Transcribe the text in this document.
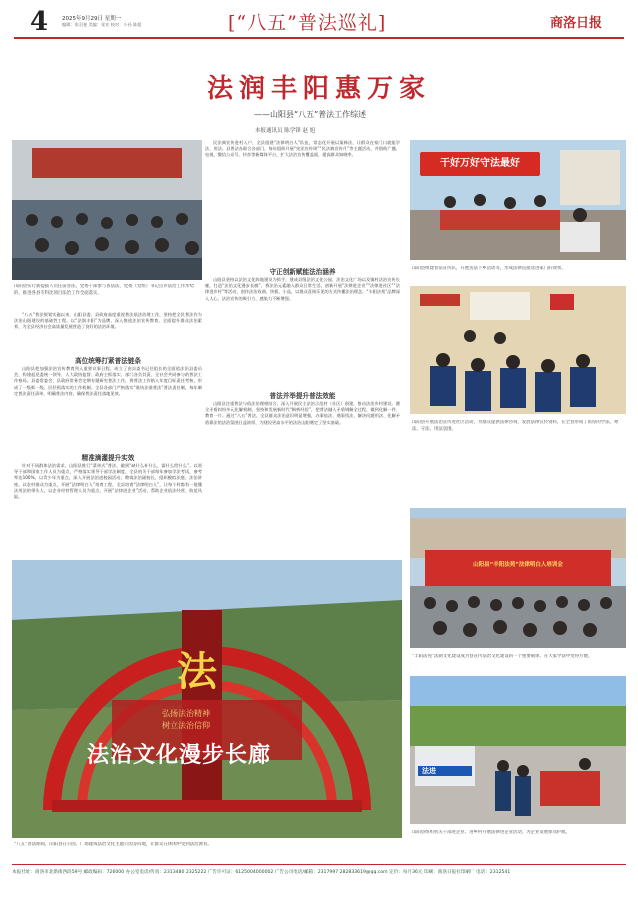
4	2025年9月29日 星期一
编辑：张羽斐 美编：张宏 校对：小孙 陈超	[“八五”普法巡礼]	商洛日报
法润丰阳惠万家
——山阳县“八五”普法工作综述
本报通讯员 陈学锋 赵 旭
山阳县实行新提拔人员任前普法，党委干部参与普法法，党委（党组）书记点评法治工作形势的，推进各县专科比项目法治工作全面落实。
“八五”普法规划实施以来，山阳县委、县政府高度重视普法依法治理工作，坚持把全民普法作为法治山阳建设的基础性工程，以“法润丰阳”为品牌，深入推进法治宣传教育，全面提升群众法治素养，为全县经济社会高质量发展营造了良好的法治环境。
高位统筹打紧普法链条
山阳县把加强法治宣传教育列入重要议事日程，成立了由县委书记任组长的全面依法治县委员会，构建起党委统一领导、人大政协监督、政府主抓落实、部门各负其责、全社会共同参与的普法工作格局。县委常委会、县政府常务会定期专题研究普法工作，将普法工作纳入年度目标责任考核，形成了一级抓一级、层层抓落实的工作机制。全县各部门严格落实“谁执法谁普法”普法责任制，每年制定普法责任清单，明确普法内容，确保普法责任落地见效。
精准滴灌提升实效
针对不同群体法治需求，山阳县推行“菜单式”普法，做到“缺什么补什么、需什么给什么”。以领导干部和国家工作人员为重点，严格落实领导干部学法制度，全县机关干部每年参加学法考试，参考率达100%。以青少年为重点，深入开展法治进校园活动，聘请法治副校长，组织模拟法庭、法治讲座。以农村群众为重点，开展“法律明白人”培育工程，全县培育“法律明白人”，让每个村都有一批懂法用法的带头人。以企业经营管理人员为重点，开展“法律进企业”活动，帮助企业依法经营、防范风险。
民法典宣传进村入户，全县组建“法律明白人”队伍，常态化开展以案释法，让群众在家门口就能学法、用法。县普法办联合各部门，每年组织开展“宪法宣传周”“民法典宣传月”等主题活动，并借助广播、电视、微信公众号、抖音等新媒体平台，扩大法治宣传覆盖面，提高群众知晓率。
守正创新赋能法治涵养
山阳县坚持以法治文化阵地建设为抓手，建成县级法治文化公园、法治文化广场以及镇村法治宣传长廊，打造“法治文化漫步长廊”，将法治元素融入群众日常生活。创新开展“法律进企业”“法律进社区”“法律进乡村”等活动，创作法治戏曲、快板、小品，以群众喜闻乐见的方式传播法治理念。“丰阳法苑”品牌深入人心，法治宣传的吸引力、感染力不断增强。
普法并举提升普法效能
山阳县注重普法与依法治理相结合，深入开展民主法治示范村（社区）创建，推动法治乡村建设。健全矛盾纠纷多元化解机制，坚持和发展新时代“枫桥经验”，把普法融入矛盾调解全过程，做到化解一件、教育一片。通过“八五”普法，全县群众法治意识明显增强，办事依法、遇事找法、解决问题用法、化解矛盾靠法的法治氛围日益浓厚，为建设更高水平的法治山阳奠定了坚实基础。
干好万好守法最好
山阳县组建普法宣传队，开展送法下乡活动等，形成法律直接送进家门的效果。
山阳县开展法治宣传进社区活动，为群众提供法律咨询，发放法律宣传资料，在全县形成了浓厚的学法、尊法、守法、用法氛围。
山阳县“丰阳法苑”法律明白人培训会
“丰阳法苑”法制文化建设成为县宣传法治文化建设的一个重要载体，在大家学法中变得方便。
法进
山阳县组织机关干部进企业、进乡村开展法律进企业活动，为企业发展保驾护航。
法
弘扬法治精神
树立法治信仰
法治文化漫步长廊
“八五”普法期间，山阳县在公园、广场建成法治文化主题公园等阵地，让群众在休闲中受到法治教育。
本报社址：商洛市北新街西段59号 邮政编码：726000 办公室电话/传真：2313480 2325222 广告许可证：6125004000002 广告公司电话/邮箱：2317997 2828336​19@qq.com 定价：每月36元 印刷：商洛日报社印刷厂 电话：2312541
